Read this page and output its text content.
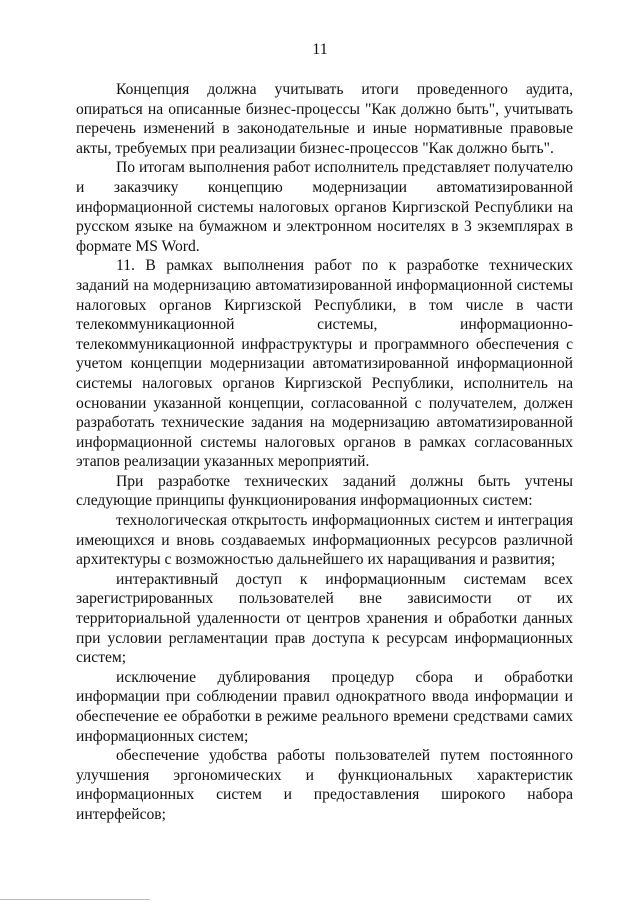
11

Концепция должна учитывать итоги проведенного аудита, опираться на описанные бизнес-процессы "Как должно быть", учитывать перечень изменений в законодательные и иные нормативные правовые акты, требуемых при реализации бизнес-процессов "Как должно быть".

По итогам выполнения работ исполнитель представляет получателю и заказчику концепцию модернизации автоматизированной информационной системы налоговых органов Киргизской Республики на русском языке на бумажном и электронном носителях в 3 экземплярах в формате MS Word.

11. В рамках выполнения работ по к разработке технических заданий на модернизацию автоматизированной информационной системы налоговых органов Киргизской Республики, в том числе в части телекоммуникационной системы, информационно-телекоммуникационной инфраструктуры и программного обеспечения с учетом концепции модернизации автоматизированной информационной системы налоговых органов Киргизской Республики, исполнитель на основании указанной концепции, согласованной с получателем, должен разработать технические задания на модернизацию автоматизированной информационной системы налоговых органов в рамках согласованных этапов реализации указанных мероприятий.

При разработке технических заданий должны быть учтены следующие принципы функционирования информационных систем:

технологическая открытость информационных систем и интеграция имеющихся и вновь создаваемых информационных ресурсов различной архитектуры с возможностью дальнейшего их наращивания и развития;

интерактивный доступ к информационным системам всех зарегистрированных пользователей вне зависимости от их территориальной удаленности от центров хранения и обработки данных при условии регламентации прав доступа к ресурсам информационных систем;

исключение дублирования процедур сбора и обработки информации при соблюдении правил однократного ввода информации и обеспечение ее обработки в режиме реального времени средствами самих информационных систем;

обеспечение удобства работы пользователей путем постоянного улучшения эргономических и функциональных характеристик информационных систем и предоставления широкого набора интерфейсов;
